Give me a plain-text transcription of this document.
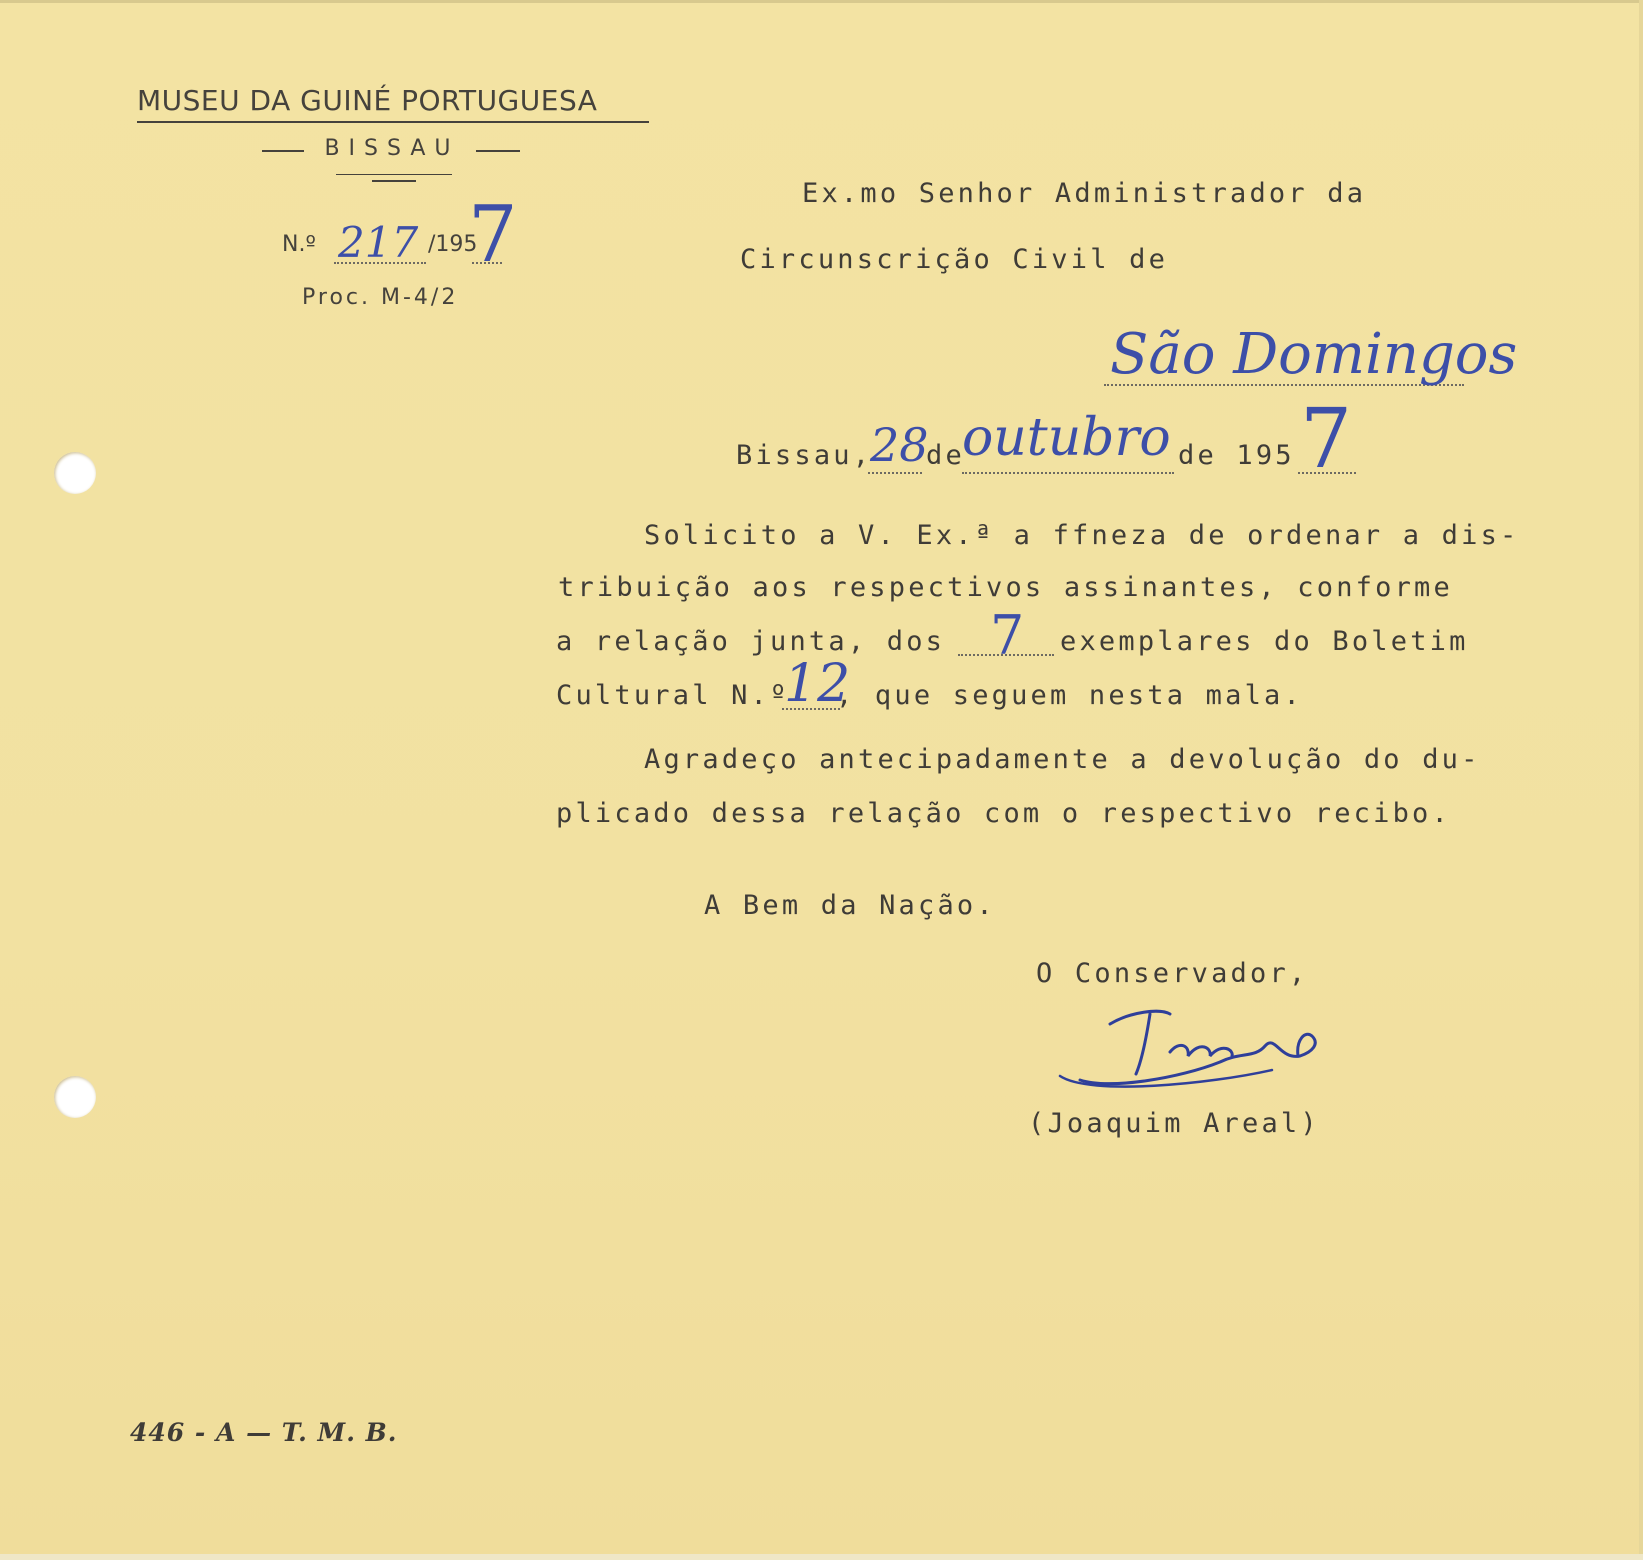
MUSEU DA GUINÉ PORTUGUESA
BISSAU
N.º 217 /195
7
Proc. M-4/2
Ex.mo Senhor Administrador da
Circunscrição Civil de
São Domingos
Bissau,
28
de
outubro de 195 7
Solicito a V. Ex.ª a ffneza de ordenar a dis-
tribuição aos respectivos assinantes, conforme
a relação junta, dos 7 exemplares do Boletim
Cultural N.º
12
, que seguem nesta mala.
Agradeço antecipadamente a devolução do du-
plicado dessa relação com o respectivo recibo.
A Bem da Nação.
O Conservador,
(Joaquim Areal)
446 - A — T. M. B.
